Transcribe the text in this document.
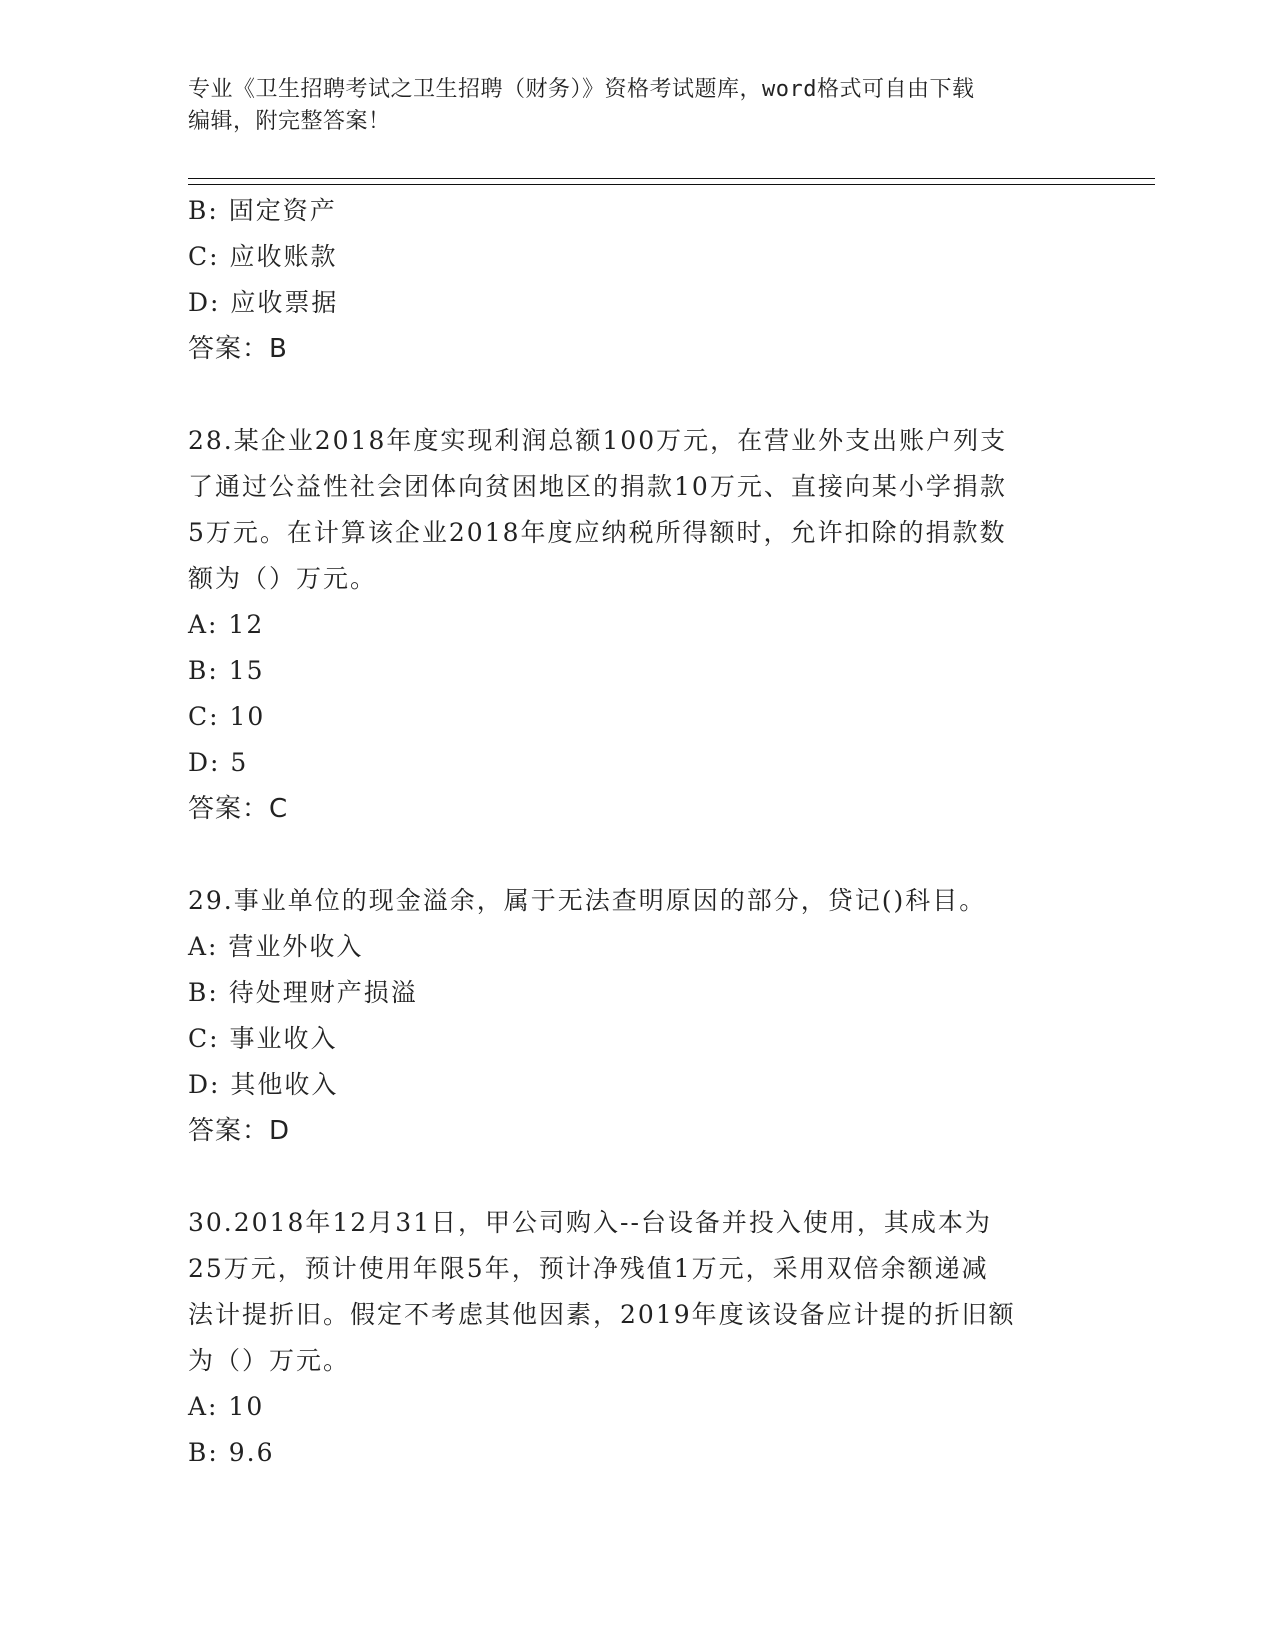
专业《卫生招聘考试之卫生招聘（财务）》资格考试题库，word格式可自由下载
编辑，附完整答案！
B: 固定资产
C: 应收账款
D: 应收票据
答案：B
28.某企业2018年度实现利润总额100万元，在营业外支出账户列支
了通过公益性社会团体向贫困地区的捐款10万元、直接向某小学捐款
5万元。在计算该企业2018年度应纳税所得额时，允许扣除的捐款数
额为（）万元。
A: 12
B: 15
C: 10
D: 5
答案：C
29.事业单位的现金溢余，属于无法查明原因的部分，贷记()科目。
A: 营业外收入
B: 待处理财产损溢
C: 事业收入
D: 其他收入
答案：D
30.2018年12月31日，甲公司购入--台设备并投入使用，其成本为
25万元，预计使用年限5年，预计净残值1万元，采用双倍余额递减
法计提折旧。假定不考虑其他因素，2019年度该设备应计提的折旧额
为（）万元。
A: 10
B: 9.6
